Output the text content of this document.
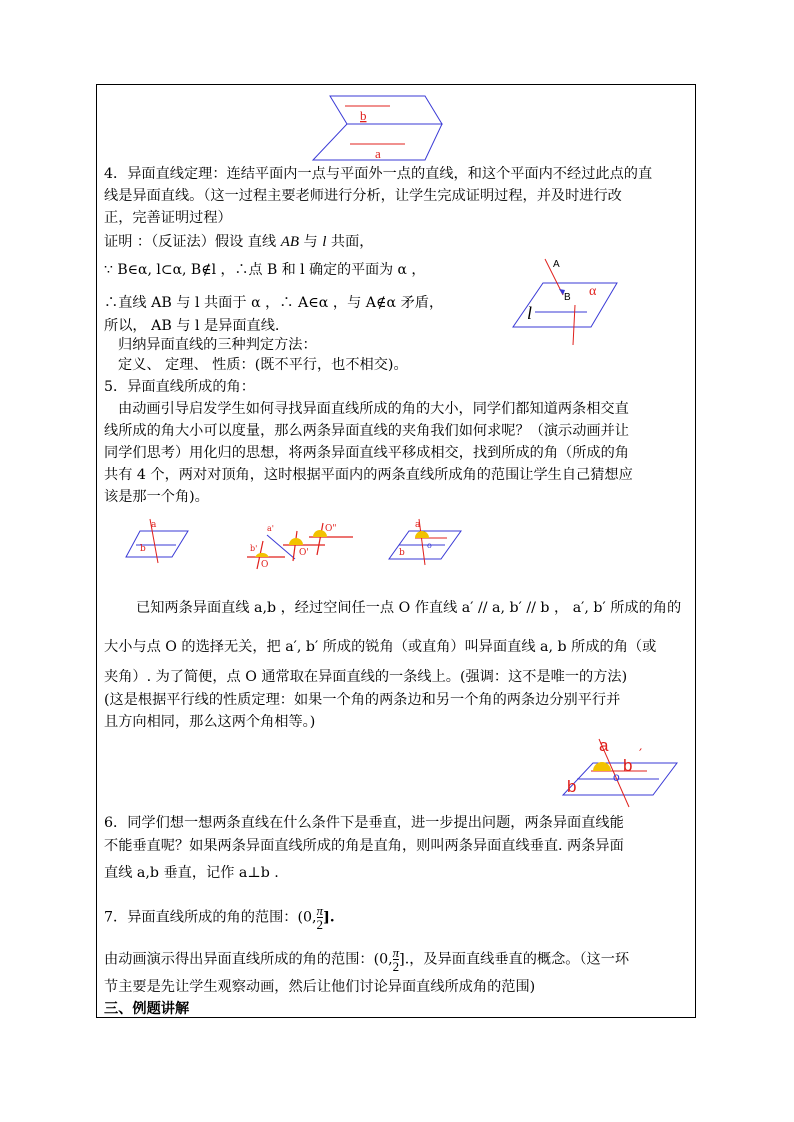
b
a
4．异面直线定理：连结平面内一点与平面外一点的直线，和这个平面内不经过此点的直
线是异面直线。（这一过程主要老师进行分析，让学生完成证明过程，并及时进行改
正，完善证明过程）
证明 ：（反证法）假设 直线 AB 与 l 共面，
∵ B∈α, l⊂α, B∉l ，∴点 B 和 l 确定的平面为 α ，
∴直线 AB 与 l 共面于 α ，∴ A∈α ，与 A∉α 矛盾，
所以， AB 与 l 是异面直线.
归纳异面直线的三种判定方法：
定义、 定理、 性质：(既不平行，也不相交)。
A
B α
l
5．异面直线所成的角：
由动画引导启发学生如何寻找异面直线所成的角的大小，同学们都知道两条相交直
线所成的角大小可以度量，那么两条异面直线的夹角我们如何求呢？（演示动画并让
同学们思考）用化归的思想，将两条异面直线平移成相交，找到所成的角（所成的角
共有 4 个，两对对顶角，这时根据平面内的两条直线所成角的范围让学生自己猜想应
该是那一个角)。
a
b	b'
a'
O
O'
O"	a
b
o
已知两条异面直线 a,b ，经过空间任一点 O 作直线 a′ // a, b′ // b ， a′, b′ 所成的角的
大小与点 O 的选择无关，把 a′, b′ 所成的锐角（或直角）叫异面直线 a, b 所成的角（或
夹角）. 为了简便，点 O 通常取在异面直线的一条线上。(强调：这不是唯一的方法)
(这是根据平行线的性质定理：如果一个角的两条边和另一个角的两条边分别平行并
且方向相同，那么这两个角相等。)
a
b
′
b	o
6．同学们想一想两条直线在什么条件下是垂直，进一步提出问题，两条异面直线能
不能垂直呢？如果两条异面直线所成的角是直角，则叫两条异面直线垂直. 两条异面
直线 a,b 垂直，记作 a⊥b .
7．异面直线所成的角的范围：(0, $\frac{\pi}{2}$ ].
由动画演示得出异面直线所成的角的范围：(0, $\frac{\pi}{2}$ ].，及异面直线垂直的概念。（这一环
节主要是先让学生观察动画，然后让他们讨论异面直线所成角的范围)
三、例题讲解
